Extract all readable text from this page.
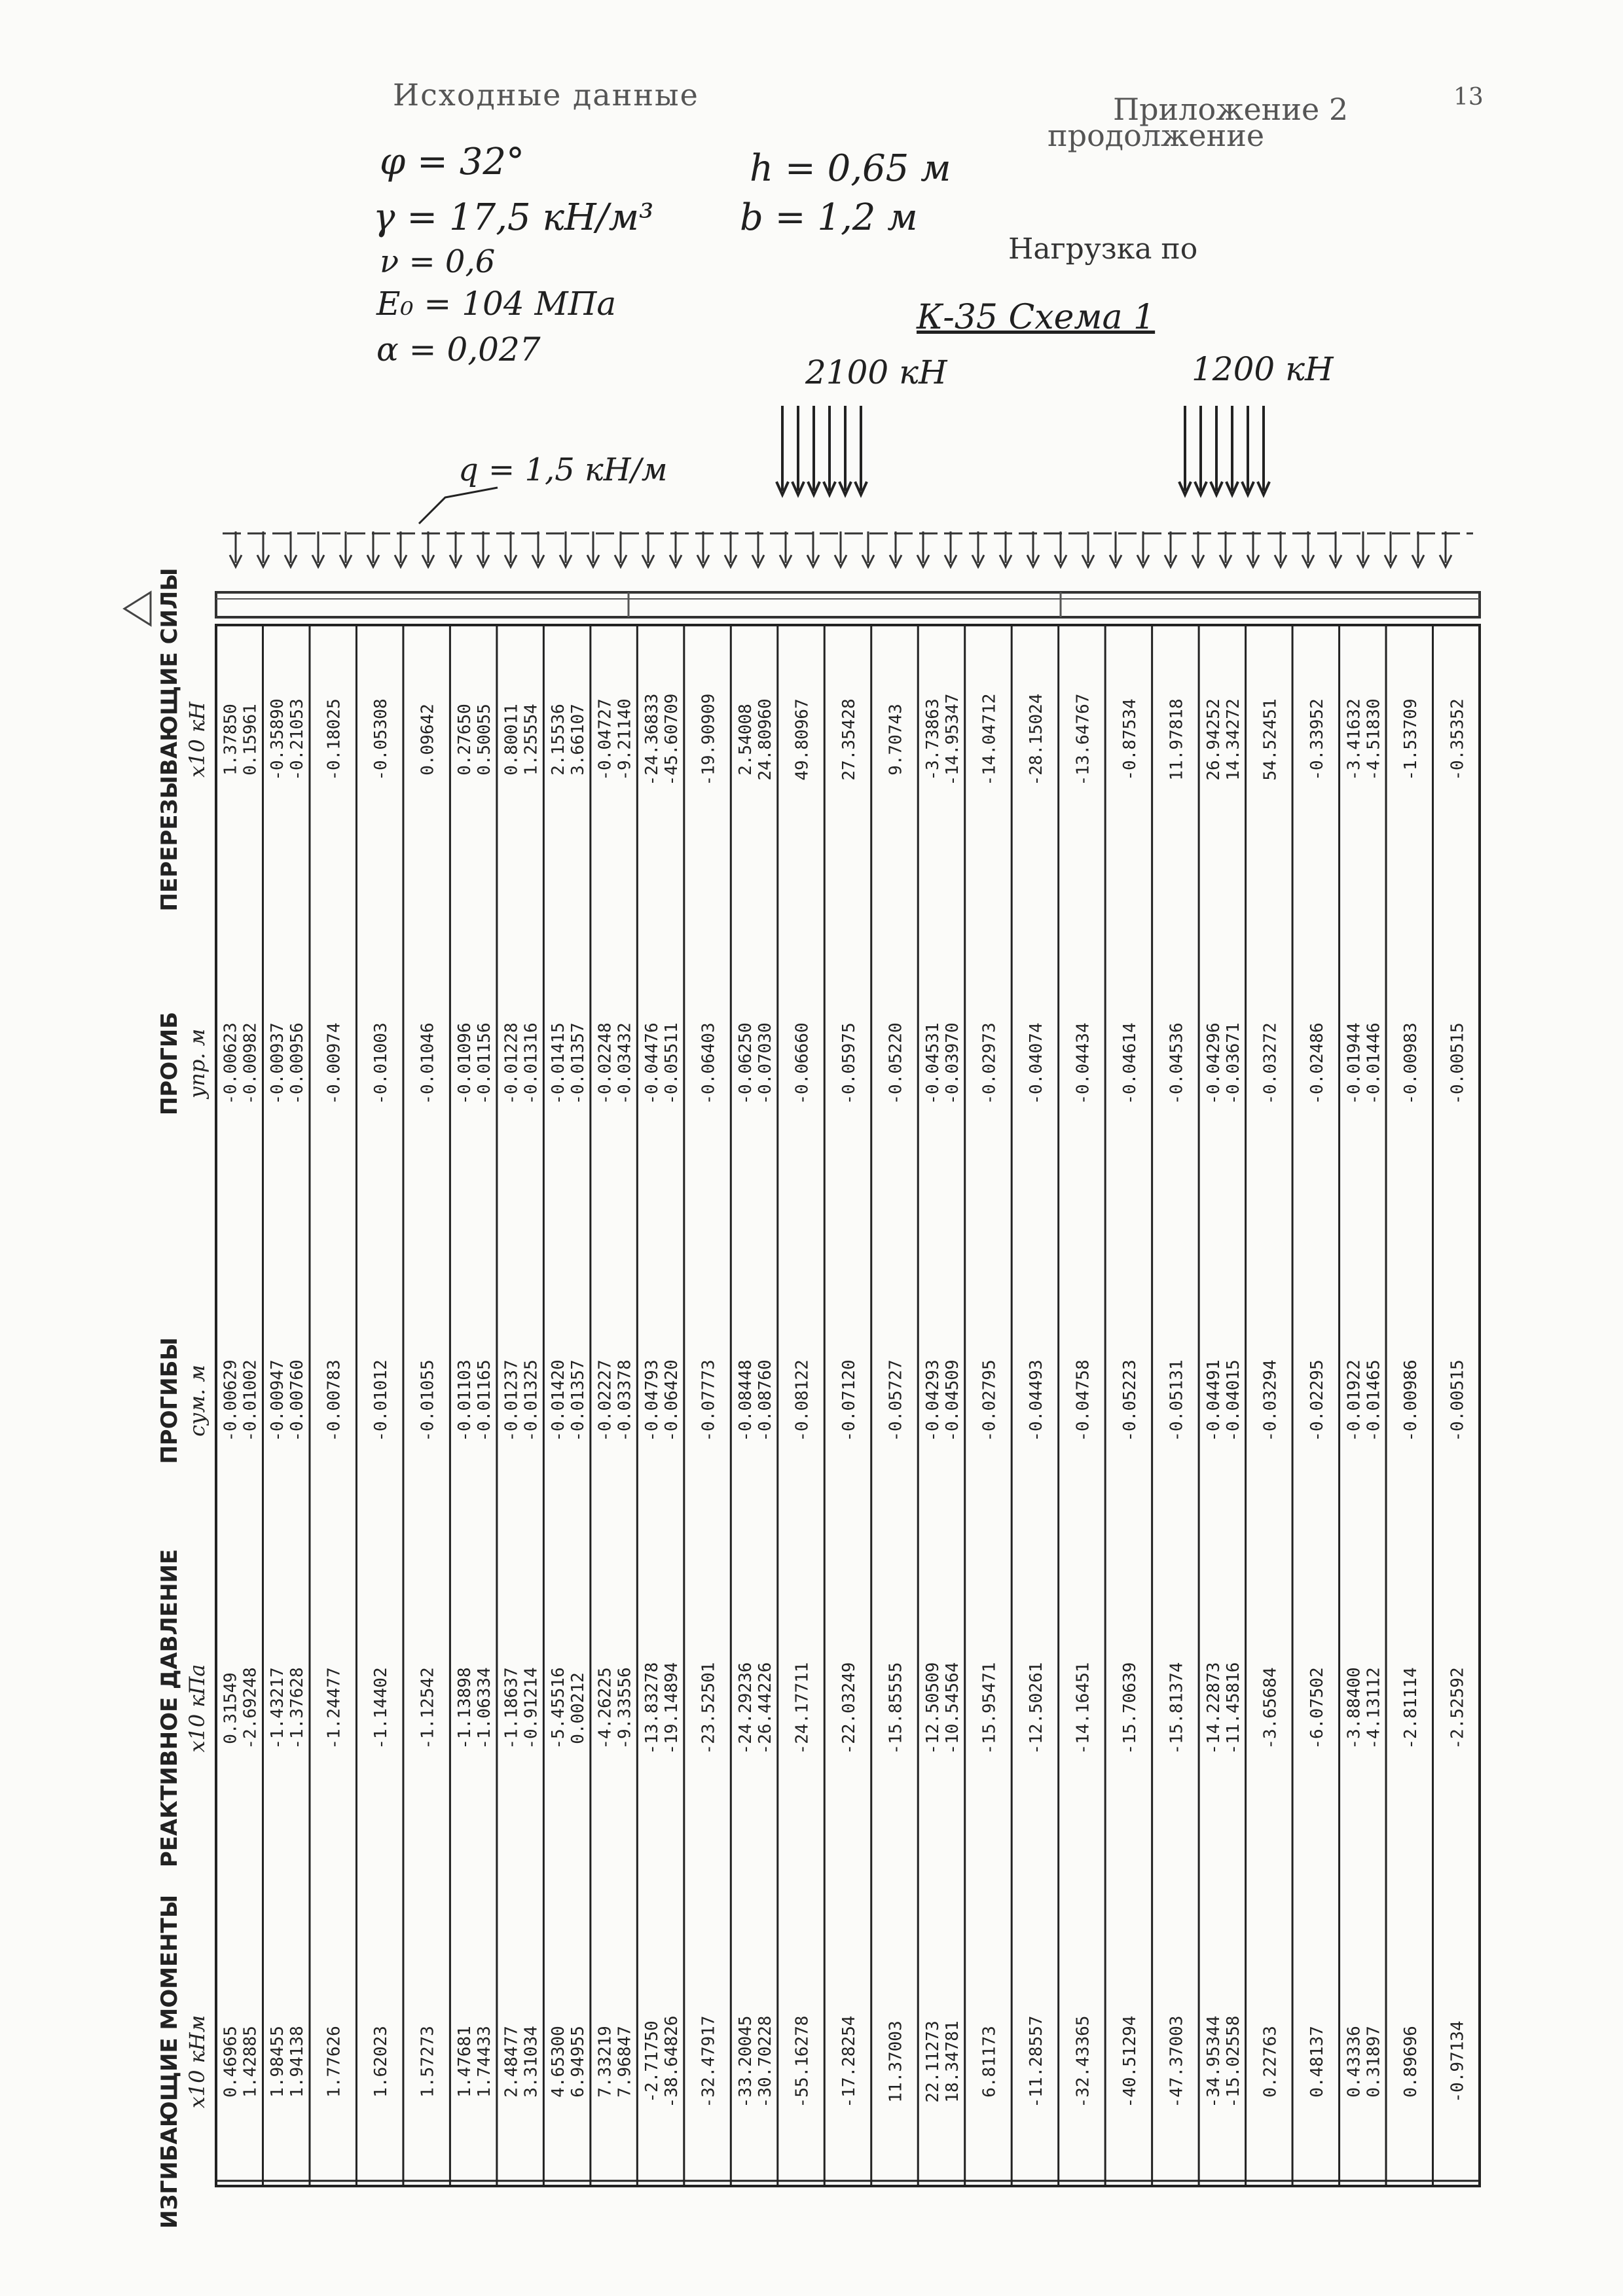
Исходные данные	Приложение 2
продолжение
13
φ = 32°
γ = 17,5 кН/м³
ν = 0,6
E₀ = 104 МПа
α = 0,027
h = 0,65 м
b = 1,2 м
Нагрузка по
К-35 Схема 1
2100 кН	1200 кН
q = 1,5 кН/м
ИЗГИБАЮЩИЕ МОМЕНТЫ х10 кНм
РЕАКТИВНОЕ ДАВЛЕНИЕ х10 кПа
ПРОГИБЫ сум. м
ПРОГИБ упр. м
ПЕРЕРЕЗЫВАЮЩИЕ СИЛЫ х10 кН
0.46965 1.42885 1.98455 1.94138 1.77626 1.62023 1.57273 1.47681 1.74433 2.48477 3.31034 4.65300 6.94955 7.33219 7.96847 -2.71750 -38.64826 -32.47917 -33.20045 -30.70228 -55.16278 -17.28254 11.37003 22.11273 18.34781 6.81173 -11.28557 -32.43365 -40.51294 -47.37003 -34.95344 -15.02558 0.22763 0.48137 0.43336 0.31897 0.89696 -0.97134
0.31549 -2.69248 -1.43217 -1.37628 -1.24477 -1.14402 -1.12542 -1.13898 -1.06334 -1.18637 -0.91214 -5.45516 0.00212 -4.26225 -9.33556 -13.83278 -19.14894 -23.52501 -24.29236 -26.44226 -24.17711 -22.03249 -15.85555 -12.50509 -10.54564 -15.95471 -12.50261 -14.16451 -15.70639 -15.81374 -14.22873 -11.45816 -3.65684 -6.07502 -3.88400 -4.13112 -2.81114 -2.52592
-0.00629 -0.01002 -0.00947 -0.00760 -0.00783 -0.01012 -0.01055 -0.01103 -0.01165 -0.01237 -0.01325 -0.01420 -0.01357 -0.02227 -0.03378 -0.04793 -0.06420 -0.07773 -0.08448 -0.08760 -0.08122 -0.07120 -0.05727 -0.04293 -0.04509 -0.02795 -0.04493 -0.04758 -0.05223 -0.05131 -0.04491 -0.04015 -0.03294 -0.02295 -0.01922 -0.01465 -0.00986 -0.00515
-0.00623 -0.00982 -0.00937 -0.00956 -0.00974 -0.01003 -0.01046 -0.01096 -0.01156 -0.01228 -0.01316 -0.01415 -0.01357 -0.02248 -0.03432 -0.04476 -0.05511 -0.06403 -0.06250 -0.07030 -0.06660 -0.05975 -0.05220 -0.04531 -0.03970 -0.02973 -0.04074 -0.04434 -0.04614 -0.04536 -0.04296 -0.03671 -0.03272 -0.02486 -0.01944 -0.01446 -0.00983 -0.00515
1.37850 0.15961 -0.35890 -0.21053 -0.18025 -0.05308 0.09642 0.27650 0.50055 0.80011 1.25554 2.15536 3.66107 -0.04727 -9.21140 -24.36833 -45.60709 -19.90909 2.54008 24.80960 49.80967 27.35428 9.70743 -3.73863 -14.95347 -14.04712 -28.15024 -13.64767 -0.87534 11.97818 26.94252 14.34272 54.52451 -0.33952 -3.41632 -4.51830 -1.53709 -0.35352
